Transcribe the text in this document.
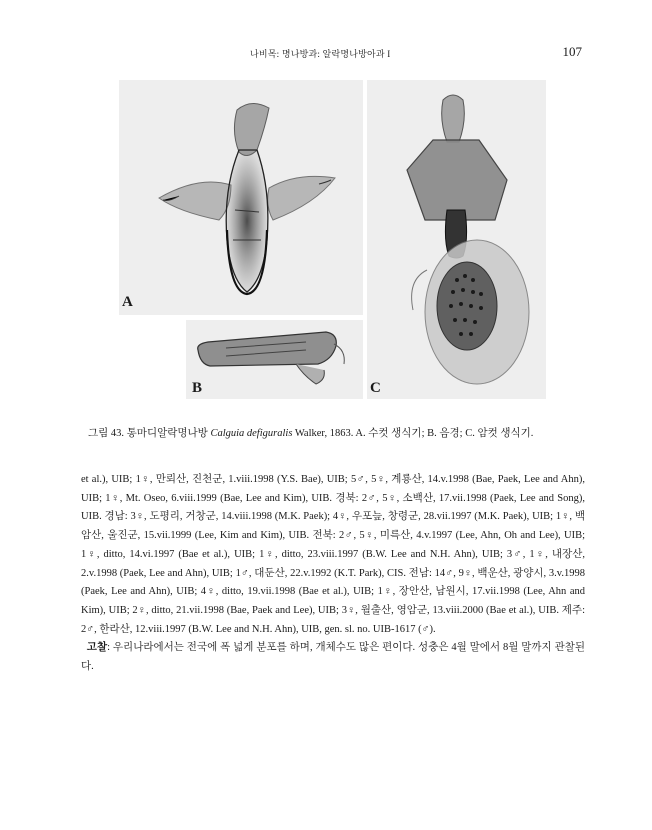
나비목: 명나방과: 알락명나방아과 I	107
A
B	C
그림 43. 통마디알락명나방 Calguia defiguralis Walker, 1863. A. 수컷 생식기; B. 음경; C. 암컷 생식기.

et al.), UIB; 1♀, 만뢰산, 진천군, 1.viii.1998 (Y.S. Bae), UIB; 5♂, 5♀, 계룡산, 14.v.1998 (Bae, Paek, Lee and Ahn), UIB; 1♀, Mt. Oseo, 6.viii.1999 (Bae, Lee and Kim), UIB. 경북: 2♂, 5♀, 소백산, 17.vii.1998 (Paek, Lee and Song), UIB. 경남: 3♀, 도평리, 거창군, 14.viii.1998 (M.K. Paek); 4♀, 우포늪, 창령군, 28.vii.1997 (M.K. Paek), UIB; 1♀, 백암산, 울진군, 15.vii.1999 (Lee, Kim and Kim), UIB. 전북: 2♂, 5♀, 미륵산, 4.v.1997 (Lee, Ahn, Oh and Lee), UIB; 1♀, ditto, 14.vi.1997 (Bae et al.), UIB; 1♀, ditto, 23.viii.1997 (B.W. Lee and N.H. Ahn), UIB; 3♂, 1♀, 내장산, 2.v.1998 (Paek, Lee and Ahn), UIB; 1♂, 대둔산, 22.v.1992 (K.T. Park), CIS. 전남: 14♂, 9♀, 백운산, 광양시, 3.v.1998 (Paek, Lee and Ahn), UIB; 4♀, ditto, 19.vii.1998 (Bae et al.), UIB; 1♀, 장안산, 남원시, 17.vii.1998 (Lee, Ahn and Kim), UIB; 2♀, ditto, 21.vii.1998 (Bae, Paek and Lee), UIB; 3♀, 월출산, 영암군, 13.viii.2000 (Bae et al.), UIB. 제주: 2♂, 한라산, 12.viii.1997 (B.W. Lee and N.H. Ahn), UIB, gen. sl. no. UIB-1617 (♂).

고찰: 우리나라에서는 전국에 폭 넓게 분포를 하며, 개체수도 많은 편이다. 성충은 4월 말에서 8월 말까지 관찰된다.
